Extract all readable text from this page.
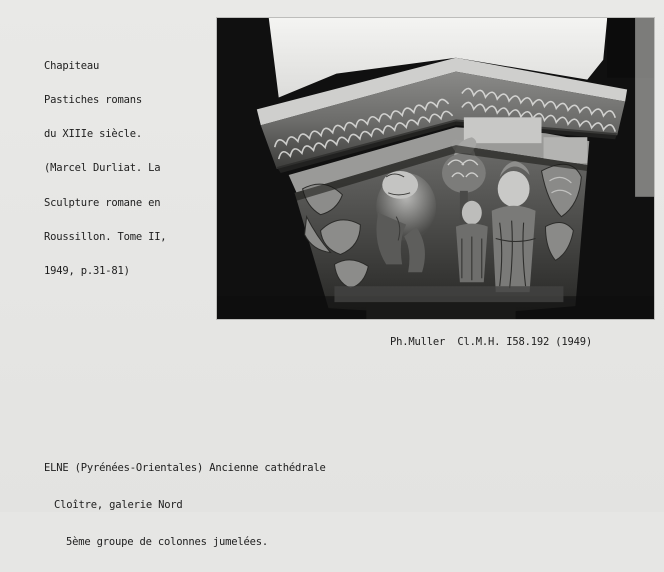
Chapiteau

Pastiches romans

du XIIIe siècle.

(Marcel Durliat. La

Sculpture romane en

Roussillon. Tome II,

1949, p.31-81)

Ph.Muller  Cl.M.H. I58.192 (1949)

ELNE (Pyrénées-Orientales) Ancienne cathédrale

Cloître, galerie Nord

5ème groupe de colonnes jumelées.
